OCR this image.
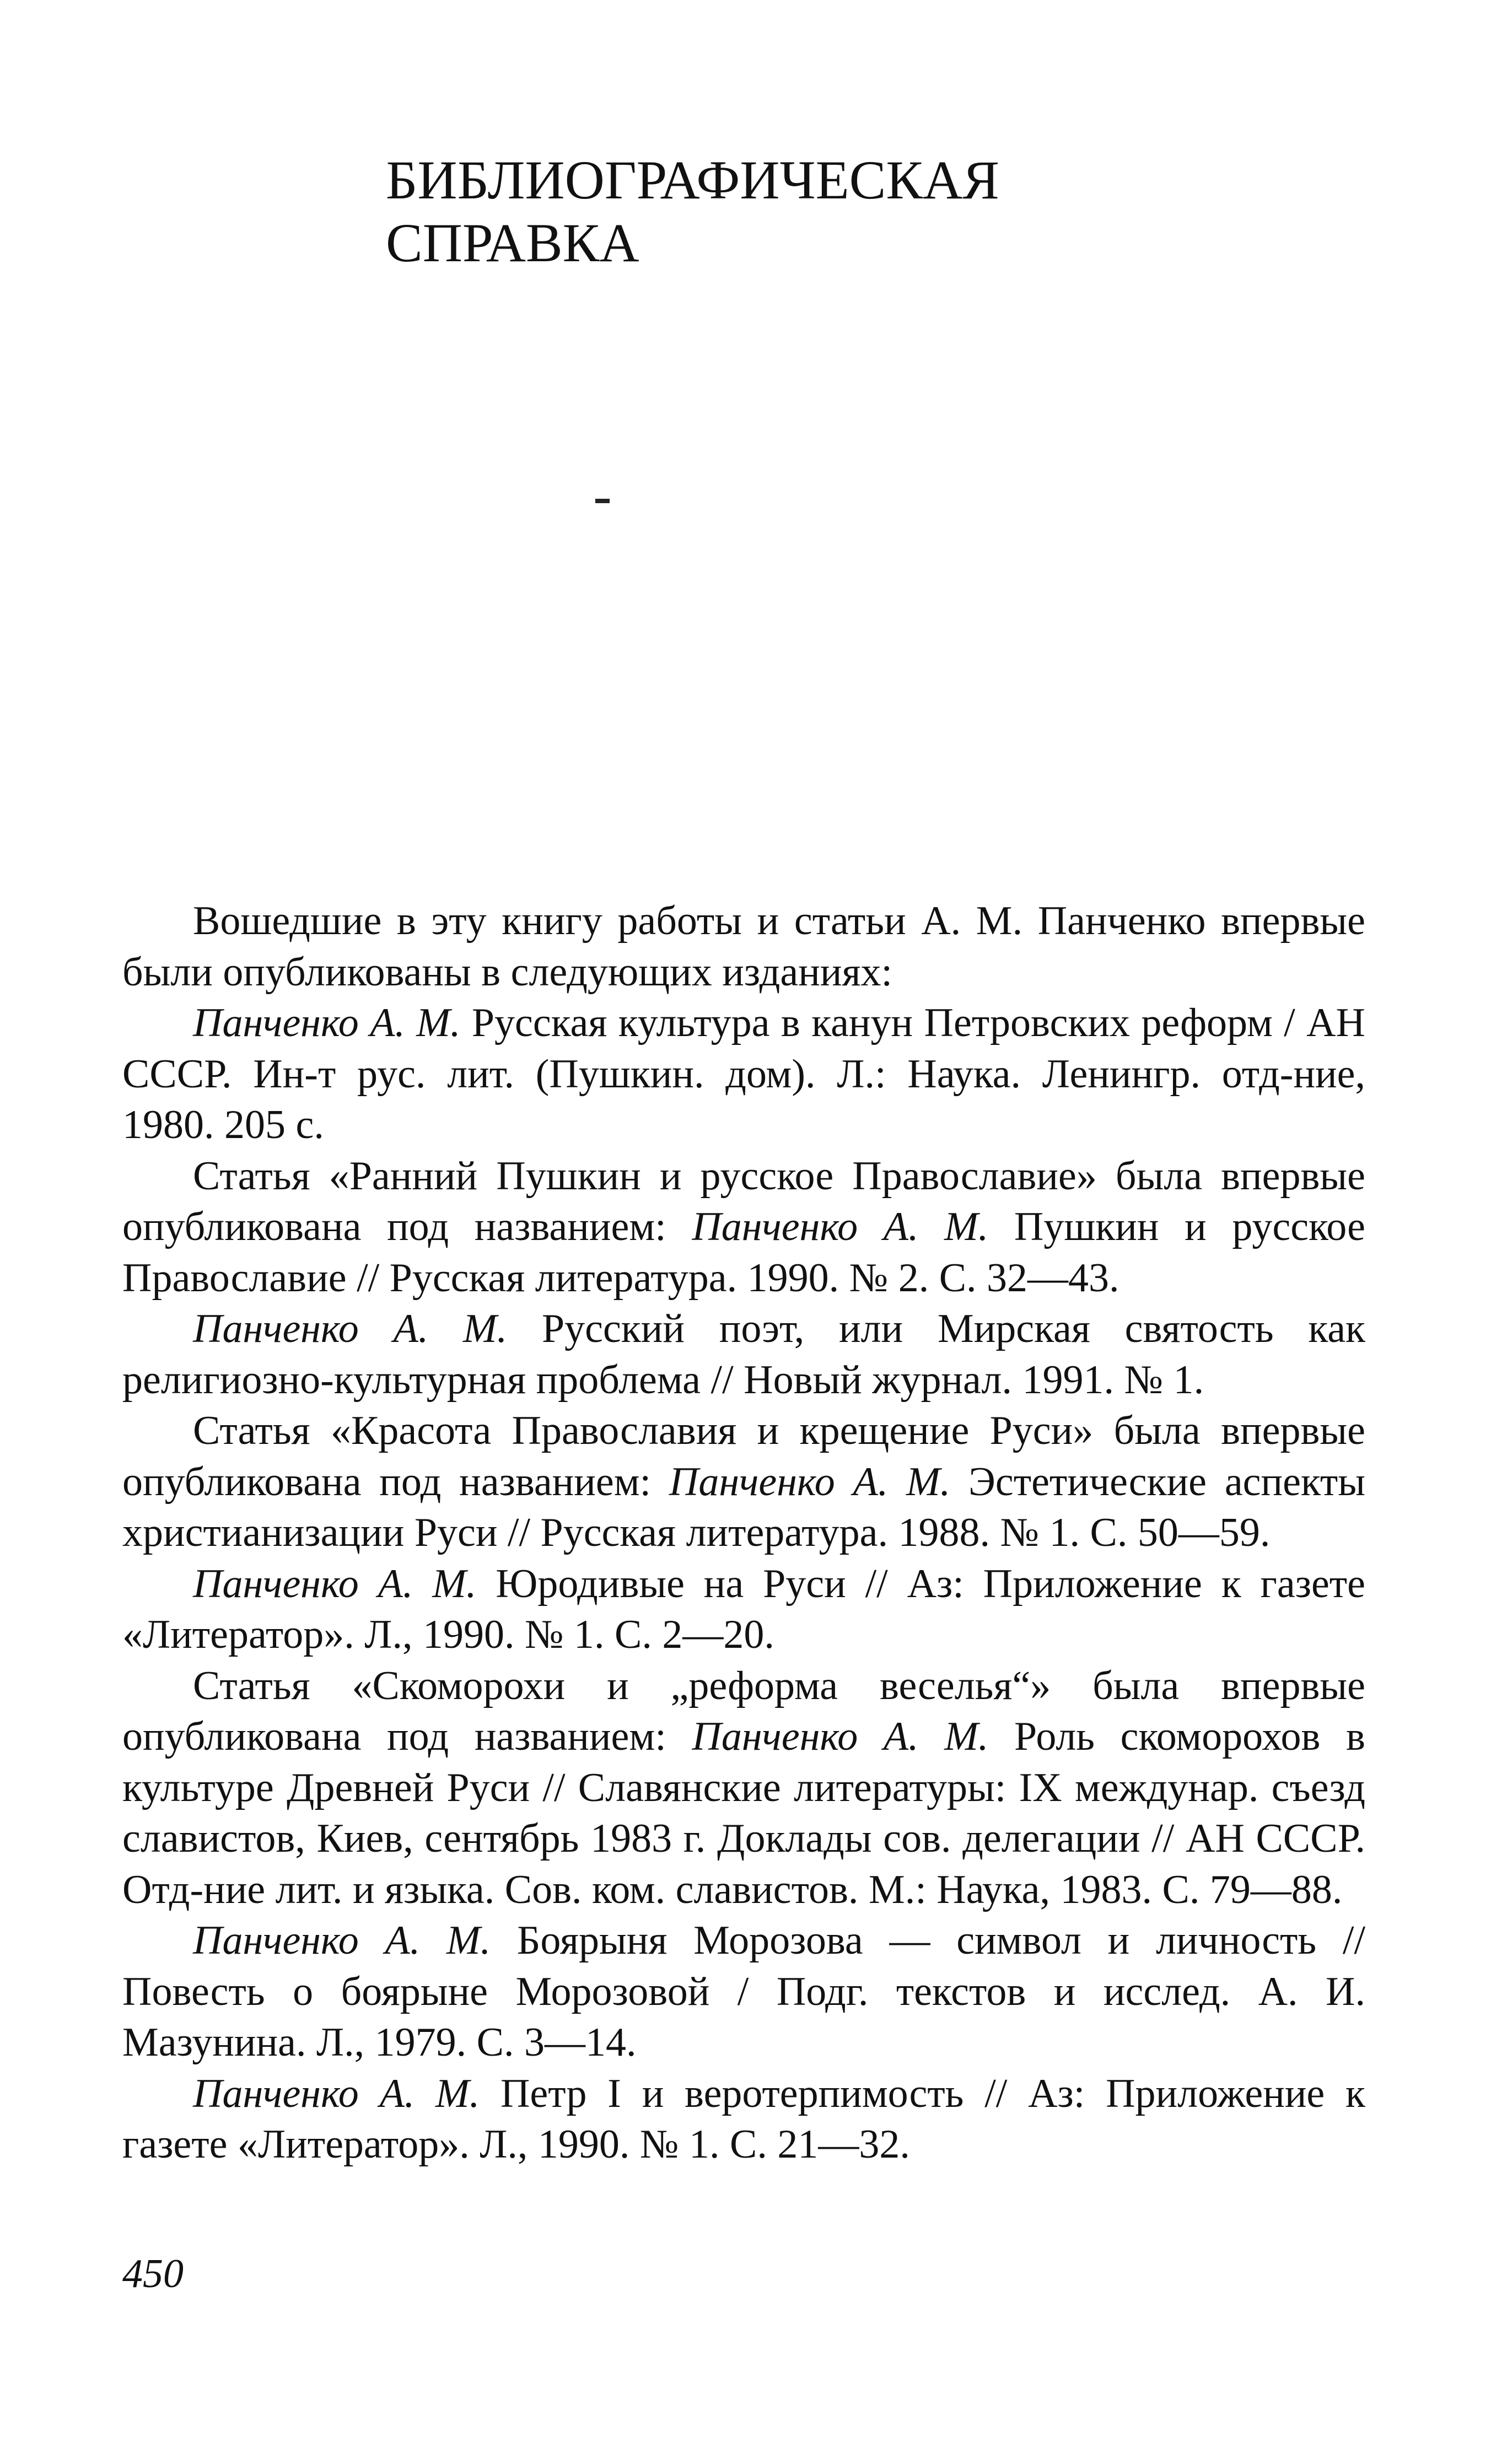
БИБЛИОГРАФИЧЕСКАЯ
СПРАВКА

Вошедшие в эту книгу работы и статьи А. М. Панченко впервые были опубликованы в следующих изданиях:

Панченко А. М. Русская культура в канун Петровских реформ / АН СССР. Ин-т рус. лит. (Пушкин. дом). Л.: Наука. Ленингр. отд-ние, 1980. 205 с.

Статья «Ранний Пушкин и русское Православие» была впервые опубликована под названием: Панченко А. М. Пушкин и русское Православие // Русская литература. 1990. № 2. С. 32—43.

Панченко А. М. Русский поэт, или Мирская святость как религиозно-культурная проблема // Новый журнал. 1991. № 1.

Статья «Красота Православия и крещение Руси» была впервые опубликована под названием: Панченко А. М. Эстетические аспекты христианизации Руси // Русская литература. 1988. № 1. С. 50—59.

Панченко А. М. Юродивые на Руси // Аз: Приложение к газете «Литератор». Л., 1990. № 1. С. 2—20.

Статья «Скоморохи и „реформа веселья“» была впервые опубликована под названием: Панченко А. М. Роль скоморохов в культуре Древней Руси // Славянские литературы: IX междунар. съезд славистов, Киев, сентябрь 1983 г. Доклады сов. делегации // АН СССР. Отд-ние лит. и языка. Сов. ком. славистов. М.: Наука, 1983. С. 79—88.

Панченко А. М. Боярыня Морозова — символ и личность // Повесть о боярыне Морозовой / Подг. текстов и исслед. А. И. Мазунина. Л., 1979. С. 3—14.

Панченко А. М. Петр I и веротерпимость // Аз: Приложение к газете «Литератор». Л., 1990. № 1. С. 21—32.

450
